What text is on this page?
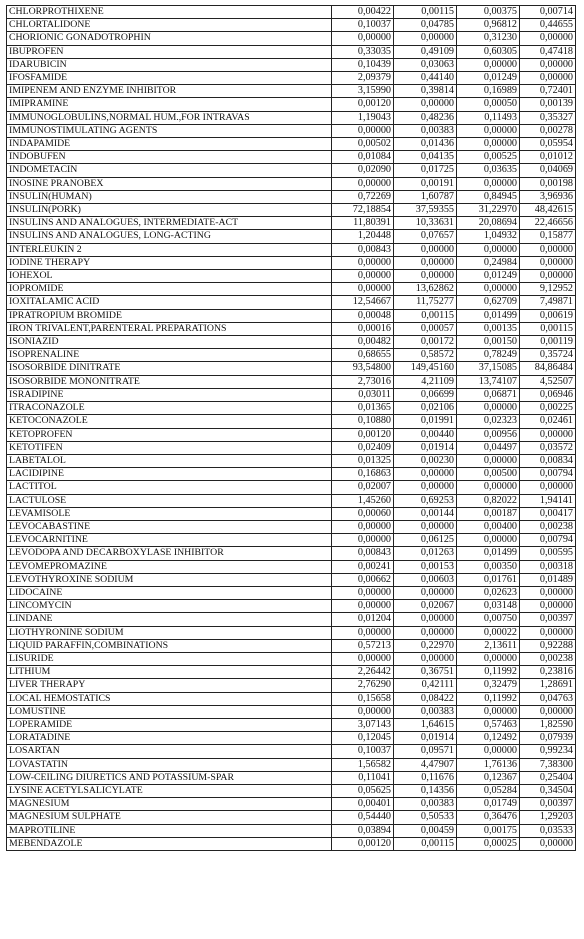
CHLORPROTHIXENE	0,00422	0,00115	0,00375	0,00714
CHLORTALIDONE	0,10037	0,04785	0,96812	0,44655
CHORIONIC GONADOTROPHIN	0,00000	0,00000	0,31230	0,00000
IBUPROFEN	0,33035	0,49109	0,60305	0,47418
IDARUBICIN	0,10439	0,03063	0,00000	0,00000
IFOSFAMIDE	2,09379	0,44140	0,01249	0,00000
IMIPENEM AND ENZYME INHIBITOR	3,15990	0,39814	0,16989	0,72401
IMIPRAMINE	0,00120	0,00000	0,00050	0,00139
IMMUNOGLOBULINS,NORMAL HUM.,FOR INTRAVAS	1,19043	0,48236	0,11493	0,35327
IMMUNOSTIMULATING AGENTS	0,00000	0,00383	0,00000	0,00278
INDAPAMIDE	0,00502	0,01436	0,00000	0,05954
INDOBUFEN	0,01084	0,04135	0,00525	0,01012
INDOMETACIN	0,02090	0,01725	0,03635	0,04069
INOSINE PRANOBEX	0,00000	0,00191	0,00000	0,00198
INSULIN(HUMAN)	0,72269	1,60787	0,84945	3,96936
INSULIN(PORK)	72,18854	37,59355	31,22970	48,42615
INSULINS AND ANALOGUES, INTERMEDIATE-ACT	11,80391	10,33631	20,08694	22,46656
INSULINS AND ANALOGUES, LONG-ACTING	1,20448	0,07657	1,04932	0,15877
INTERLEUKIN 2	0,00843	0,00000	0,00000	0,00000
IODINE THERAPY	0,00000	0,00000	0,24984	0,00000
IOHEXOL	0,00000	0,00000	0,01249	0,00000
IOPROMIDE	0,00000	13,62862	0,00000	9,12952
IOXITALAMIC ACID	12,54667	11,75277	0,62709	7,49871
IPRATROPIUM BROMIDE	0,00048	0,00115	0,01499	0,00619
IRON TRIVALENT,PARENTERAL PREPARATIONS	0,00016	0,00057	0,00135	0,00115
ISONIAZID	0,00482	0,00172	0,00150	0,00119
ISOPRENALINE	0,68655	0,58572	0,78249	0,35724
ISOSORBIDE DINITRATE	93,54800	149,45160	37,15085	84,86484
ISOSORBIDE MONONITRATE	2,73016	4,21109	13,74107	4,52507
ISRADIPINE	0,03011	0,06699	0,06871	0,06946
ITRACONAZOLE	0,01365	0,02106	0,00000	0,00225
KETOCONAZOLE	0,10880	0,01991	0,02323	0,02461
KETOPROFEN	0,00120	0,00440	0,00956	0,00000
KETOTIFEN	0,02409	0,01914	0,04497	0,03572
LABETALOL	0,01325	0,00230	0,00000	0,00834
LACIDIPINE	0,16863	0,00000	0,00500	0,00794
LACTITOL	0,02007	0,00000	0,00000	0,00000
LACTULOSE	1,45260	0,69253	0,82022	1,94141
LEVAMISOLE	0,00060	0,00144	0,00187	0,00417
LEVOCABASTINE	0,00000	0,00000	0,00400	0,00238
LEVOCARNITINE	0,00000	0,06125	0,00000	0,00794
LEVODOPA AND DECARBOXYLASE INHIBITOR	0,00843	0,01263	0,01499	0,00595
LEVOMEPROMAZINE	0,00241	0,00153	0,00350	0,00318
LEVOTHYROXINE SODIUM	0,00662	0,00603	0,01761	0,01489
LIDOCAINE	0,00000	0,00000	0,02623	0,00000
LINCOMYCIN	0,00000	0,02067	0,03148	0,00000
LINDANE	0,01204	0,00000	0,00750	0,00397
LIOTHYRONINE SODIUM	0,00000	0,00000	0,00022	0,00000
LIQUID PARAFFIN,COMBINATIONS	0,57213	0,22970	2,13611	0,92288
LISURIDE	0,00000	0,00000	0,00000	0,00238
LITHIUM	2,26442	0,36751	0,11992	0,23816
LIVER THERAPY	2,76290	0,42111	0,32479	1,28691
LOCAL HEMOSTATICS	0,15658	0,08422	0,11992	0,04763
LOMUSTINE	0,00000	0,00383	0,00000	0,00000
LOPERAMIDE	3,07143	1,64615	0,57463	1,82590
LORATADINE	0,12045	0,01914	0,12492	0,07939
LOSARTAN	0,10037	0,09571	0,00000	0,99234
LOVASTATIN	1,56582	4,47907	1,76136	7,38300
LOW-CEILING DIURETICS AND POTASSIUM-SPAR	0,11041	0,11676	0,12367	0,25404
LYSINE ACETYLSALICYLATE	0,05625	0,14356	0,05284	0,34504
MAGNESIUM	0,00401	0,00383	0,01749	0,00397
MAGNESIUM SULPHATE	0,54440	0,50533	0,36476	1,29203
MAPROTILINE	0,03894	0,00459	0,00175	0,03533
MEBENDAZOLE	0,00120	0,00115	0,00025	0,00000
